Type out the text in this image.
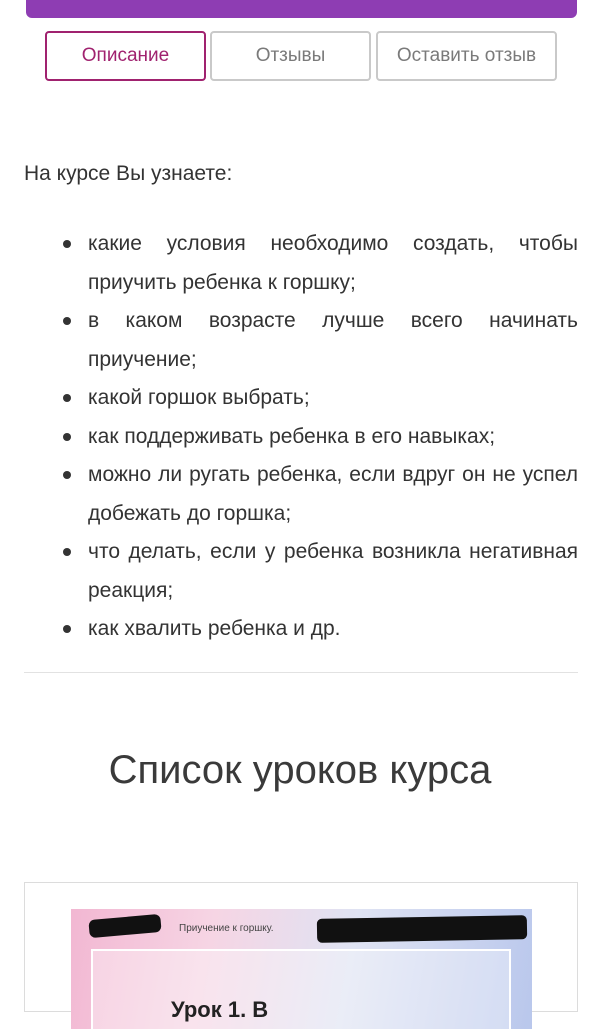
Описание	Отзывы	Оставить отзыв
На курсе Вы узнаете:
какие условия необходимо создать, чтобы приучить ребенка к горшку;
в каком возрасте лучше всего начинать приучение;
какой горшок выбрать;
как поддерживать ребенка в его навыках;
можно ли ругать ребенка, если вдруг он не успел добежать до горшка;
что делать, если у ребенка возникла негативная реакция;
как хвалить ребенка и др.
Список уроков курса
Приучение к горшку.
Урок 1. В
